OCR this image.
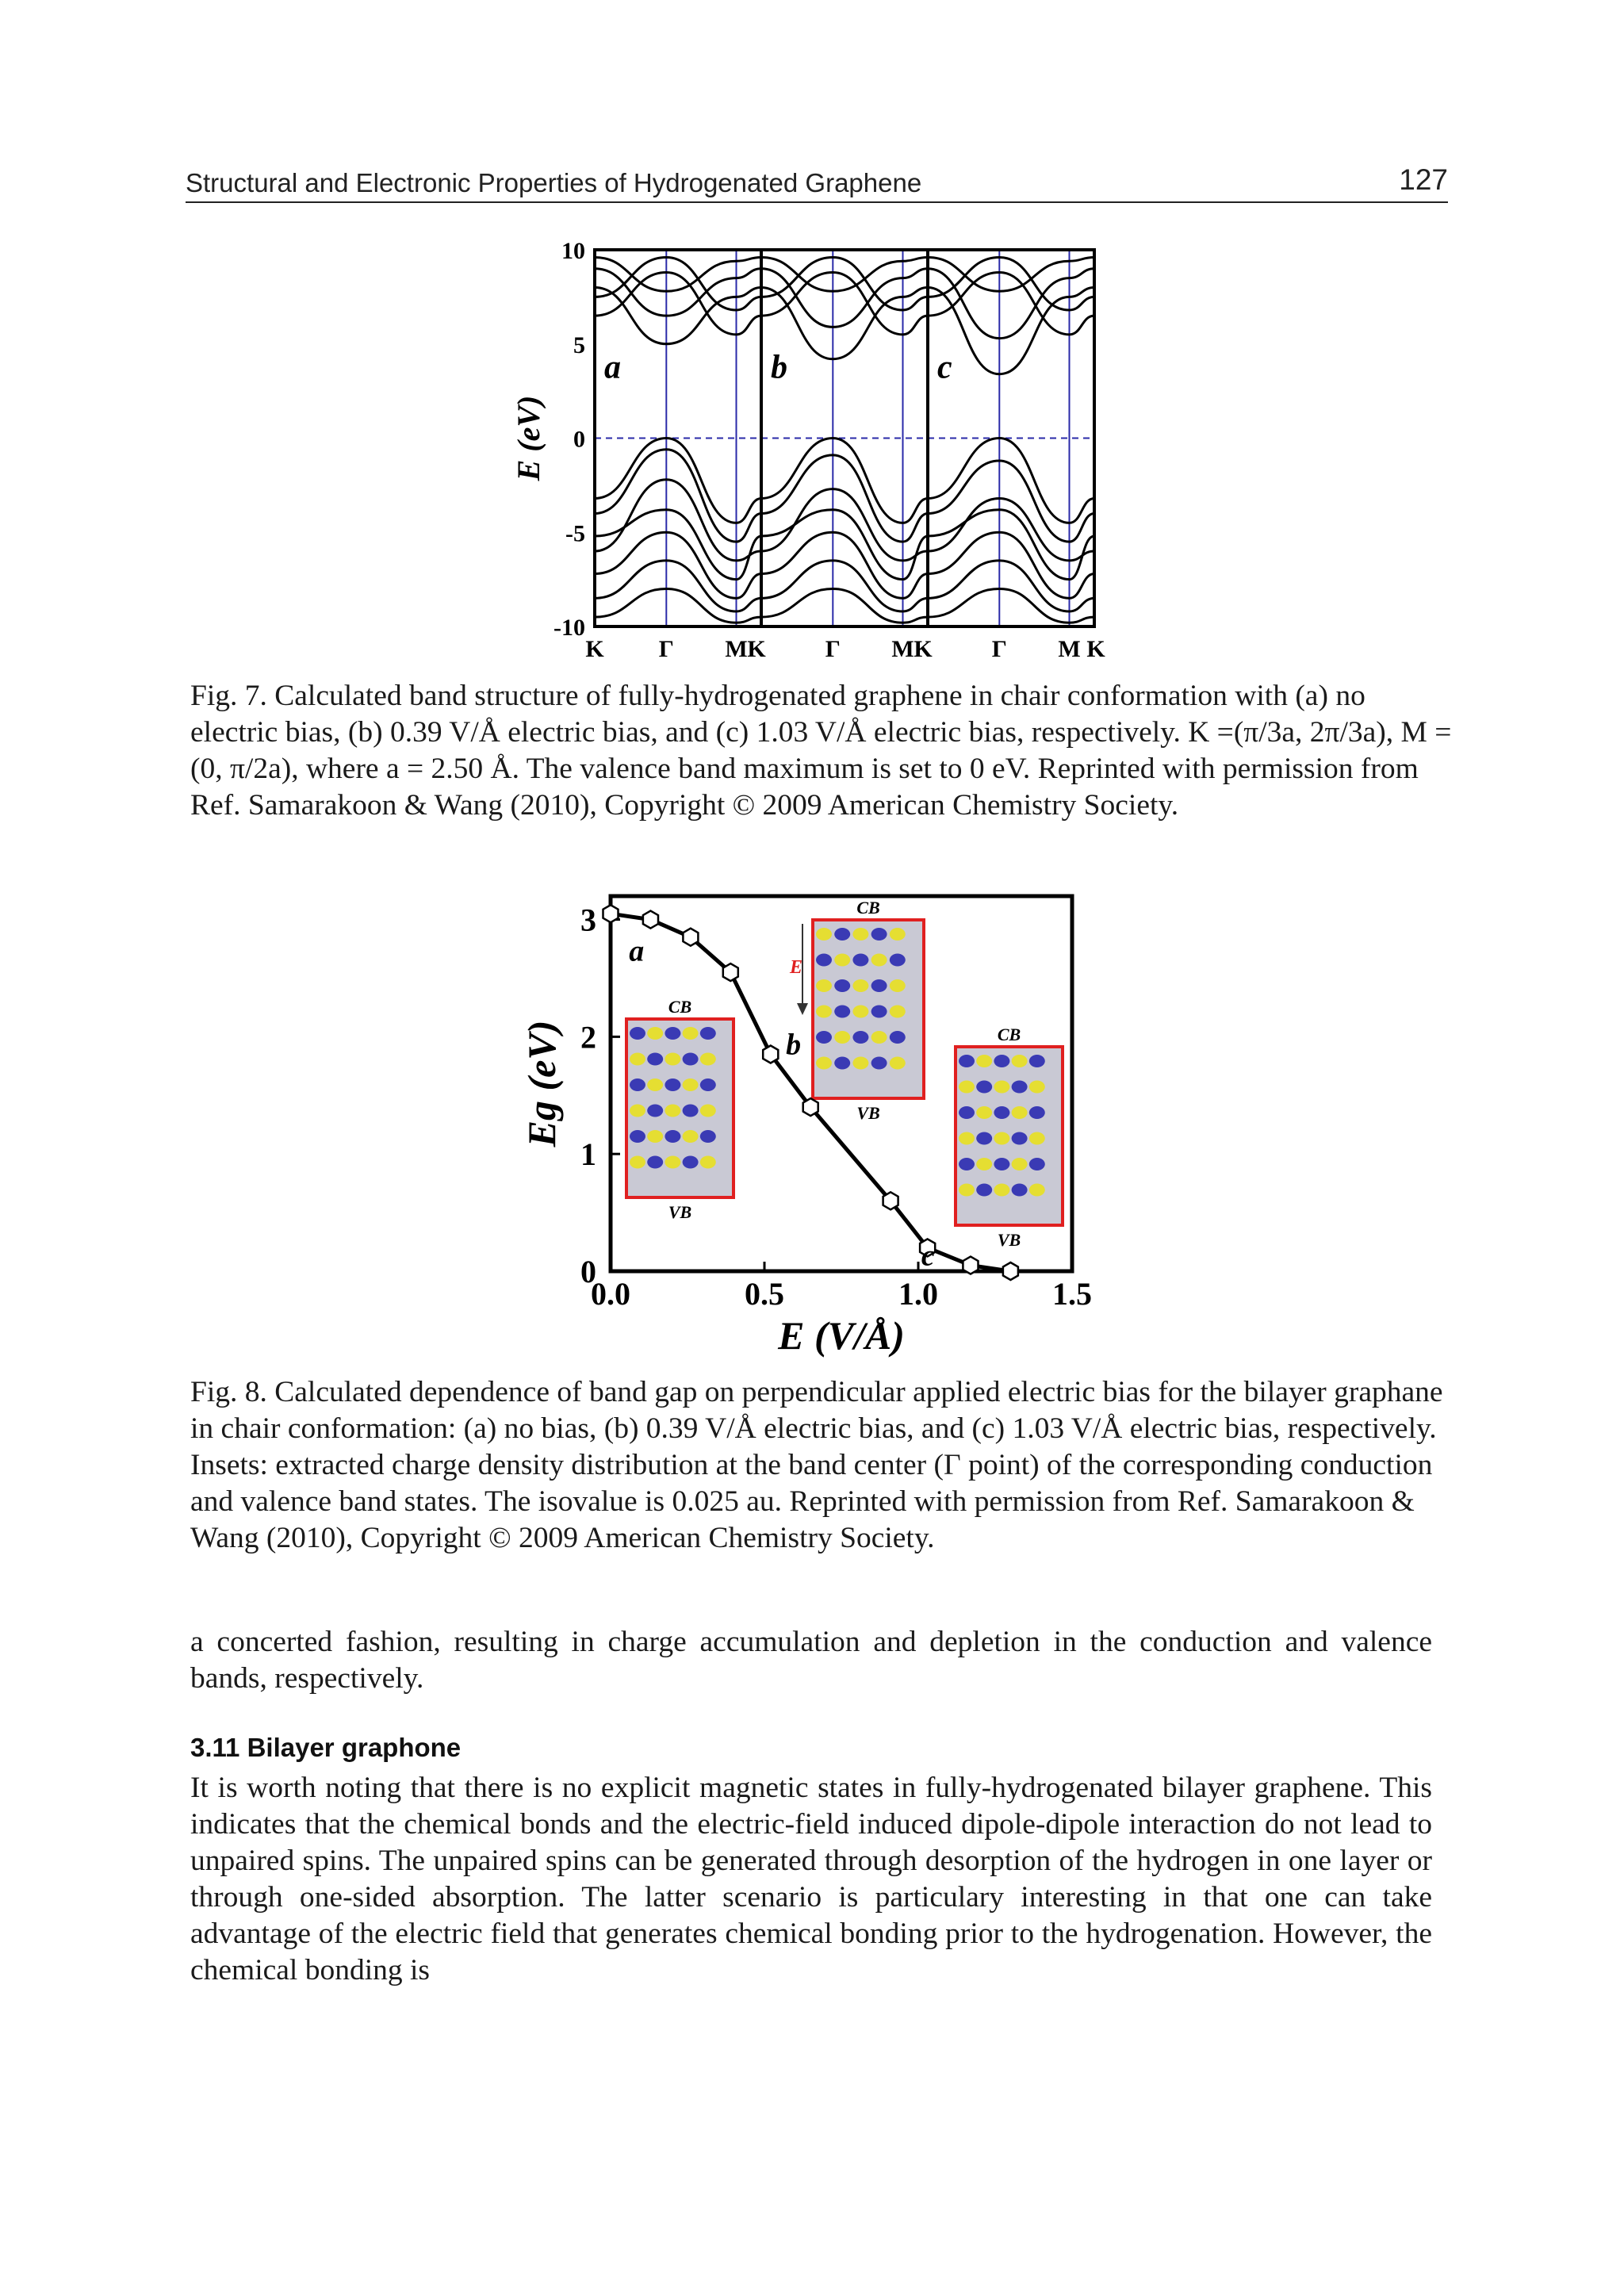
Structural and Electronic Properties of Hydrogenated Graphene	127
E (eV)
10
5
0
-5
-10
a
K Γ M
b
K	Γ M
c
K	Γ M K

Fig. 7. Calculated band structure of fully-hydrogenated graphene in chair conformation with (a) no electric bias, (b) 0.39 V/Å electric bias, and (c) 1.03 V/Å electric bias, respectively. K =(π/3a, 2π/3a), M =(0, π/2a), where a = 2.50 Å. The valence band maximum is set to 0 eV. Reprinted with permission from Ref. Samarakoon & Wang (2010), Copyright © 2009 American Chemistry Society.

0.0	0.5	1.0	1.5
0
1
2
3
E (V/Å)
Eg (eV)
CB
VB
CB
VB
CB
VB
E
a
b
c

Fig. 8. Calculated dependence of band gap on perpendicular applied electric bias for the bilayer graphane in chair conformation: (a) no bias, (b) 0.39 V/Å electric bias, and (c) 1.03 V/Å electric bias, respectively. Insets: extracted charge density distribution at the band center (Γ point) of the corresponding conduction and valence band states. The isovalue is 0.025 au. Reprinted with permission from Ref. Samarakoon & Wang (2010), Copyright © 2009 American Chemistry Society.

a concerted fashion, resulting in charge accumulation and depletion in the conduction and valence bands, respectively.

3.11 Bilayer graphone

It is worth noting that there is no explicit magnetic states in fully-hydrogenated bilayer graphene. This indicates that the chemical bonds and the electric-field induced dipole-dipole interaction do not lead to unpaired spins. The unpaired spins can be generated through desorption of the hydrogen in one layer or through one-sided absorption. The latter scenario is particulary interesting in that one can take advantage of the electric field that generates chemical bonding prior to the hydrogenation. However, the chemical bonding is
